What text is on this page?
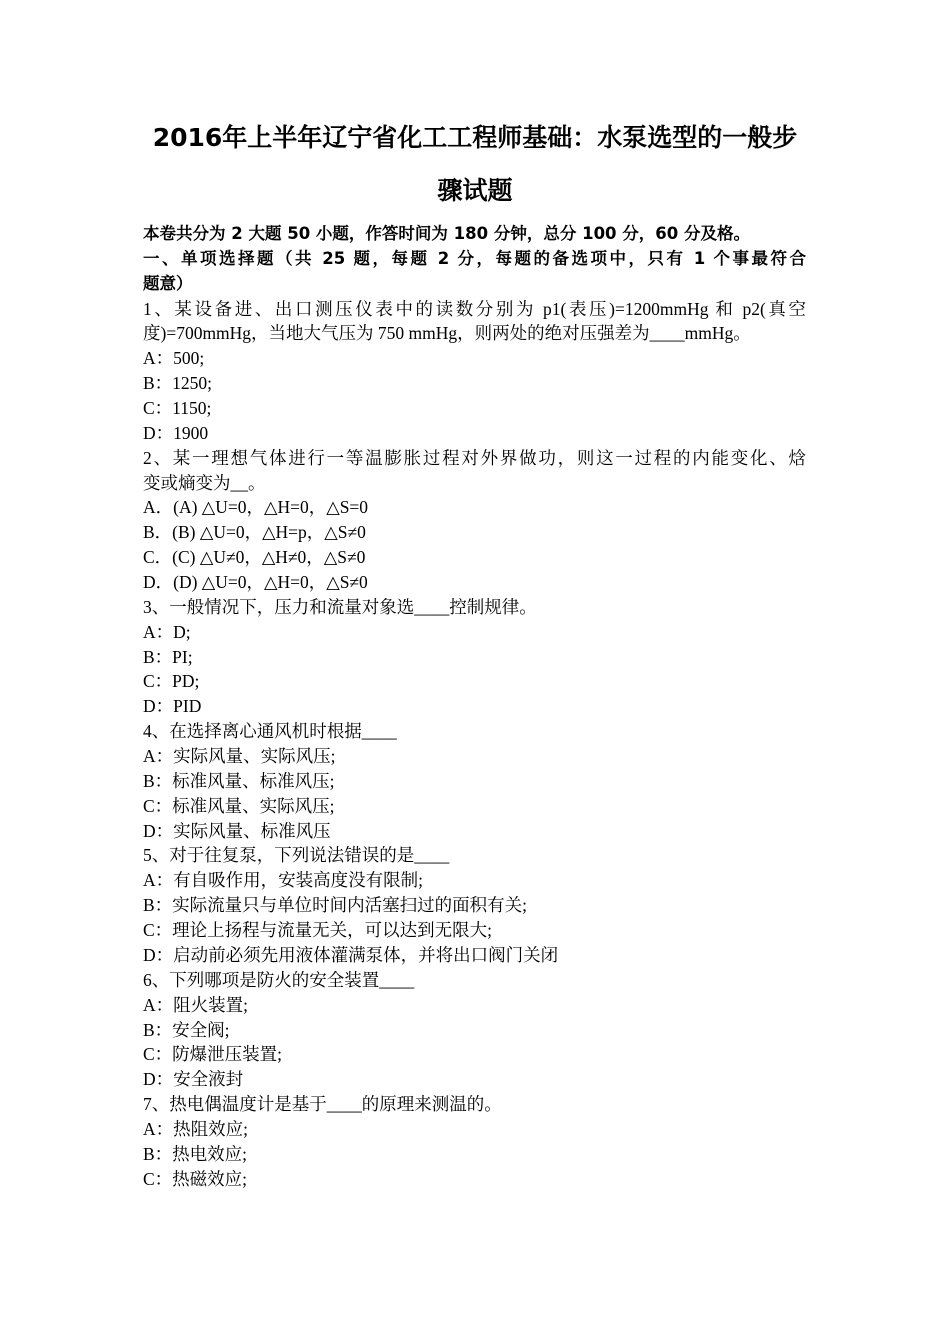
2016年上半年辽宁省化工工程师基础：水泵选型的一般步
骤试题
本卷共分为 2 大题 50 小题，作答时间为 180 分钟，总分 100 分，60 分及格。
一、单项选择题（共 25 题，每题 2 分，每题的备选项中，只有 1 个事最符合
题意）
1、某设备进、出口测压仪表中的读数分别为 p1(表压)=1200mmHg 和 p2(真空
度)=700mmHg，当地大气压为 750 mmHg，则两处的绝对压强差为____mmHg。
A：500;
B：1250;
C：1150;
D：1900
2、某一理想气体进行一等温膨胀过程对外界做功，则这一过程的内能变化、焓
变或熵变为__。
A．(A) △U=0，△H=0，△S=0
B．(B) △U=0，△H=p，△S≠0
C．(C) △U≠0，△H≠0，△S≠0
D．(D) △U=0，△H=0，△S≠0
3、一般情况下，压力和流量对象选____控制规律。
A：D;
B：PI;
C：PD;
D：PID
4、在选择离心通风机时根据____
A：实际风量、实际风压;
B：标准风量、标准风压;
C：标准风量、实际风压;
D：实际风量、标准风压
5、对于往复泵，下列说法错误的是____
A：有自吸作用，安装高度没有限制;
B：实际流量只与单位时间内活塞扫过的面积有关;
C：理论上扬程与流量无关，可以达到无限大;
D：启动前必须先用液体灌满泵体，并将出口阀门关闭
6、下列哪项是防火的安全装置____
A：阻火装置;
B：安全阀;
C：防爆泄压装置;
D：安全液封
7、热电偶温度计是基于____的原理来测温的。
A：热阻效应;
B：热电效应;
C：热磁效应;
